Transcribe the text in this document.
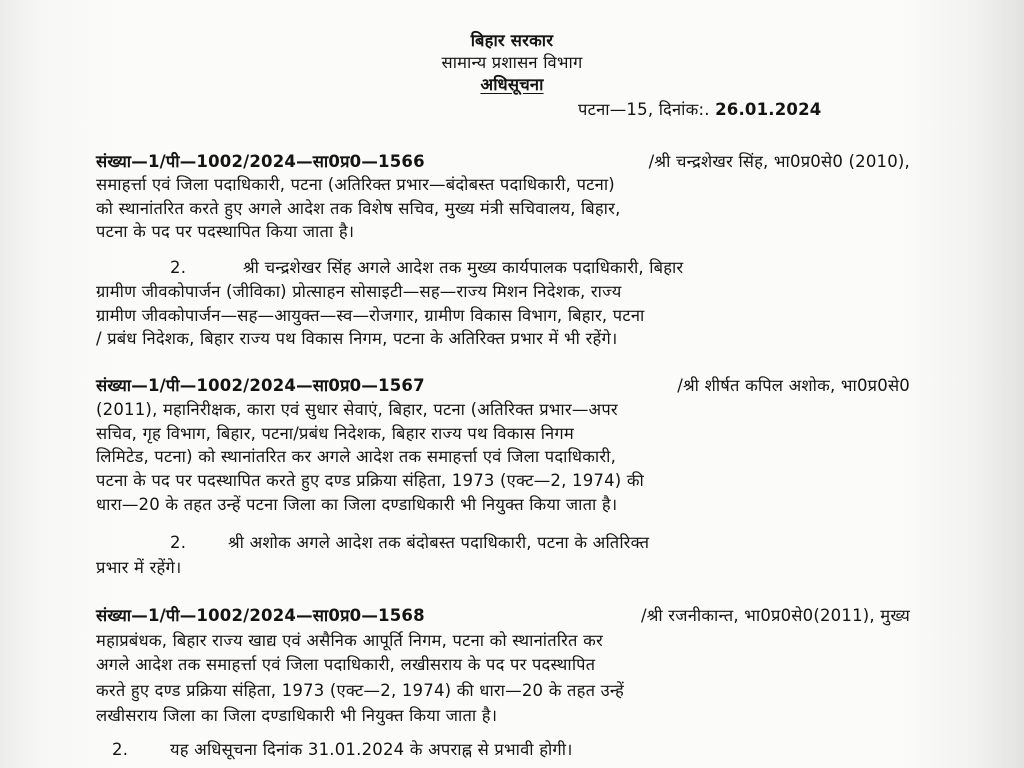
बिहार सरकार
सामान्य प्रशासन विभाग
अधिसूचना
पटना—15, दिनांक:. 26.01.2024
संख्या—1/पी—1002/2024—सा0प्र0—1566	/श्री चन्द्रशेखर सिंह, भा0प्र0से0 (2010),
समाहर्त्ता एवं जिला पदाधिकारी, पटना (अतिरिक्त प्रभार—बंदोबस्त पदाधिकारी, पटना)
को स्थानांतरित करते हुए अगले आदेश तक विशेष सचिव, मुख्य मंत्री सचिवालय, बिहार,
पटना के पद पर पदस्थापित किया जाता है।
2.	श्री चन्द्रशेखर सिंह अगले आदेश तक मुख्य कार्यपालक पदाधिकारी, बिहार
ग्रामीण जीवकोपार्जन (जीविका) प्रोत्साहन सोसाइटी—सह—राज्य मिशन निदेशक, राज्य
ग्रामीण जीवकोपार्जन—सह—आयुक्त—स्व—रोजगार, ग्रामीण विकास विभाग, बिहार, पटना
/ प्रबंध निदेशक, बिहार राज्य पथ विकास निगम, पटना के अतिरिक्त प्रभार में भी रहेंगे।
संख्या—1/पी—1002/2024—सा0प्र0—1567	/श्री शीर्षत कपिल अशोक, भा0प्र0से0
(2011), महानिरीक्षक, कारा एवं सुधार सेवाएं, बिहार, पटना (अतिरिक्त प्रभार—अपर
सचिव, गृह विभाग, बिहार, पटना/प्रबंध निदेशक, बिहार राज्य पथ विकास निगम
लिमिटेड, पटना) को स्थानांतरित कर अगले आदेश तक समाहर्त्ता एवं जिला पदाधिकारी,
पटना के पद पर पदस्थापित करते हुए दण्ड प्रक्रिया संहिता, 1973 (एक्ट—2, 1974) की
धारा—20 के तहत उन्हें पटना जिला का जिला दण्डाधिकारी भी नियुक्त किया जाता है।
2.	श्री अशोक अगले आदेश तक बंदोबस्त पदाधिकारी, पटना के अतिरिक्त
प्रभार में रहेंगे।
संख्या—1/पी—1002/2024—सा0प्र0—1568	/श्री रजनीकान्त, भा0प्र0से0(2011), मुख्य
महाप्रबंधक, बिहार राज्य खाद्य एवं असैनिक आपूर्ति निगम, पटना को स्थानांतरित कर
अगले आदेश तक समाहर्त्ता एवं जिला पदाधिकारी, लखीसराय के पद पर पदस्थापित
करते हुए दण्ड प्रक्रिया संहिता, 1973 (एक्ट—2, 1974) की धारा—20 के तहत उन्हें
लखीसराय जिला का जिला दण्डाधिकारी भी नियुक्त किया जाता है।
2.	यह अधिसूचना दिनांक 31.01.2024 के अपराह्न से प्रभावी होगी।
